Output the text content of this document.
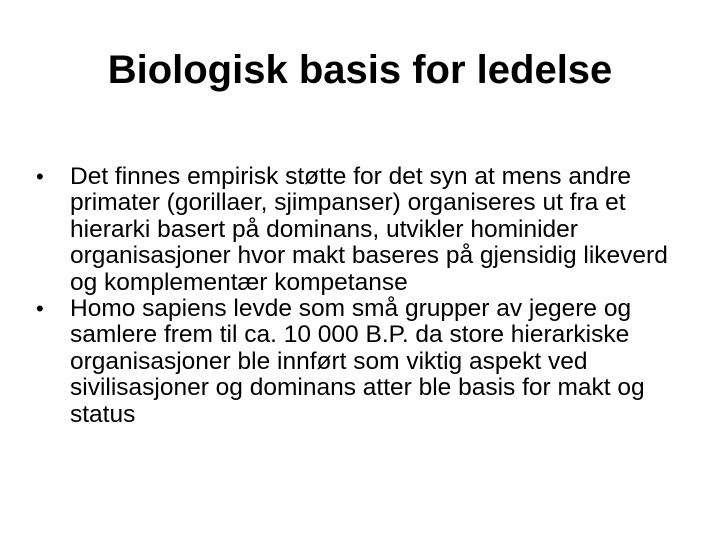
Biologisk basis for ledelse
•	Det finnes empirisk støtte for det syn at mens andre primater (gorillaer, sjimpanser) organiseres ut fra et hierarki basert på dominans, utvikler hominider organisasjoner hvor makt baseres på gjensidig likeverd og komplementær kompetanse
•	Homo sapiens levde som små grupper av jegere og samlere frem til ca. 10 000 B.P. da store hierarkiske organisasjoner ble innført som viktig aspekt ved sivilisasjoner og dominans atter ble basis for makt og status
